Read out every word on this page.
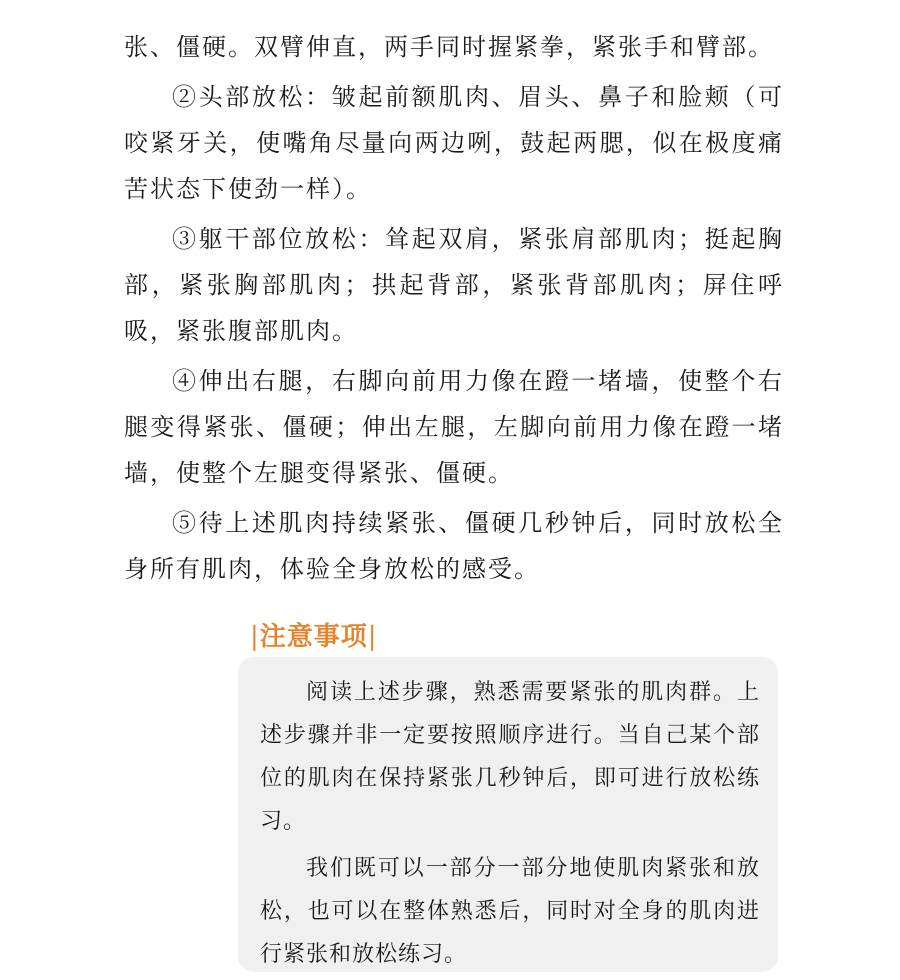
张、僵硬。双臂伸直，两手同时握紧拳，紧张手和臂部。

②头部放松：皱起前额肌肉、眉头、鼻子和脸颊（可咬紧牙关，使嘴角尽量向两边咧，鼓起两腮，似在极度痛苦状态下使劲一样）。

③躯干部位放松：耸起双肩，紧张肩部肌肉；挺起胸部，紧张胸部肌肉；拱起背部，紧张背部肌肉；屏住呼吸，紧张腹部肌肉。

④伸出右腿，右脚向前用力像在蹬一堵墙，使整个右腿变得紧张、僵硬；伸出左腿，左脚向前用力像在蹬一堵墙，使整个左腿变得紧张、僵硬。

⑤待上述肌肉持续紧张、僵硬几秒钟后，同时放松全身所有肌肉，体验全身放松的感受。

|注意事项|

阅读上述步骤，熟悉需要紧张的肌肉群。上述步骤并非一定要按照顺序进行。当自己某个部位的肌肉在保持紧张几秒钟后，即可进行放松练习。

我们既可以一部分一部分地使肌肉紧张和放松，也可以在整体熟悉后，同时对全身的肌肉进行紧张和放松练习。
